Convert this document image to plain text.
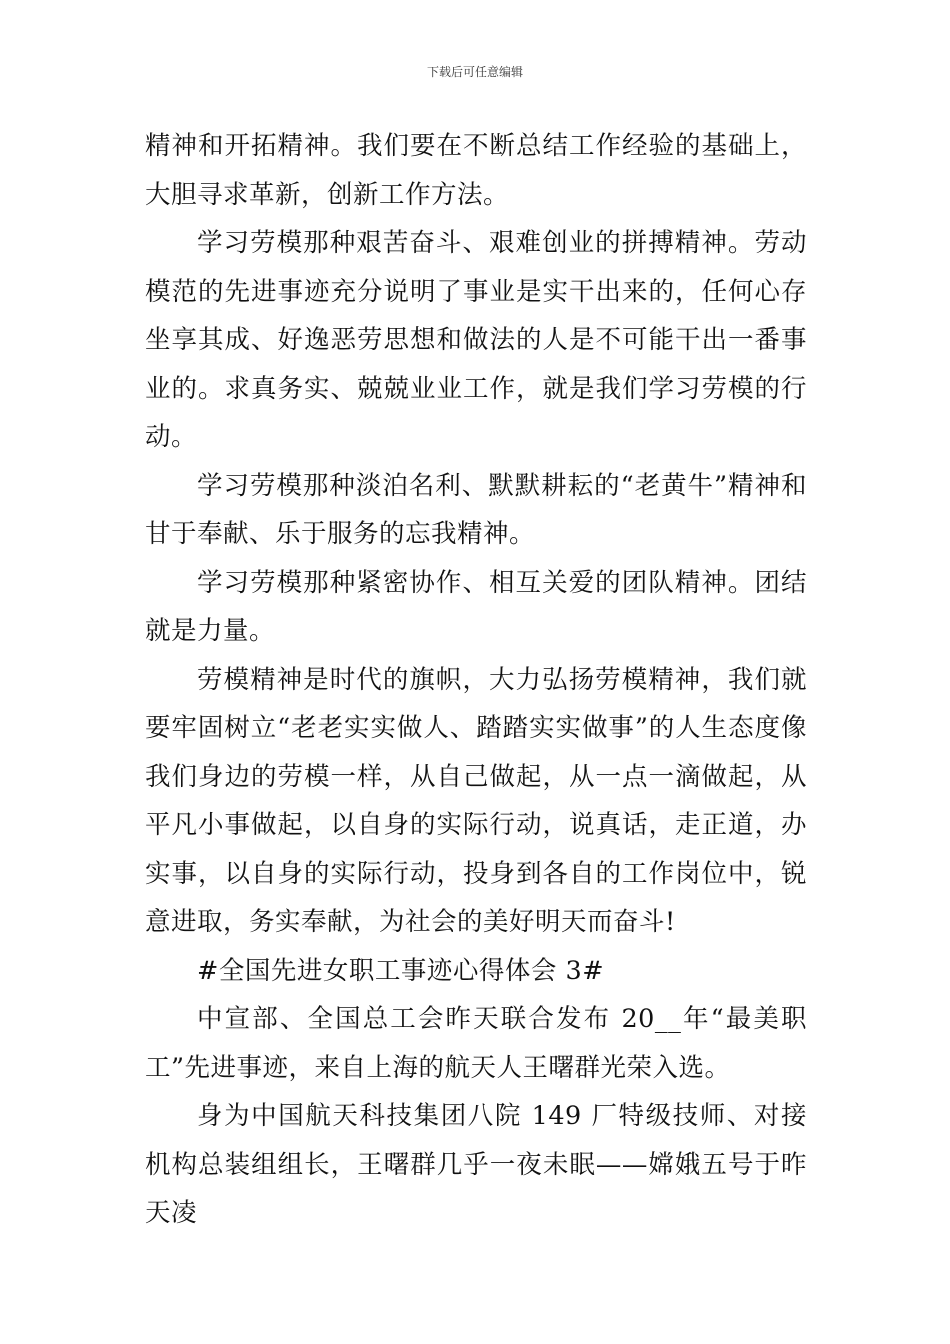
下载后可任意编辑

精神和开拓精神。我们要在不断总结工作经验的基础上，大胆寻求革新，创新工作方法。

学习劳模那种艰苦奋斗、艰难创业的拼搏精神。劳动模范的先进事迹充分说明了事业是实干出来的，任何心存坐享其成、好逸恶劳思想和做法的人是不可能干出一番事业的。求真务实、兢兢业业工作，就是我们学习劳模的行动。

学习劳模那种淡泊名利、默默耕耘的“老黄牛”精神和甘于奉献、乐于服务的忘我精神。

学习劳模那种紧密协作、相互关爱的团队精神。团结就是力量。

劳模精神是时代的旗帜，大力弘扬劳模精神，我们就要牢固树立“老老实实做人、踏踏实实做事”的人生态度像我们身边的劳模一样，从自己做起，从一点一滴做起，从平凡小事做起，以自身的实际行动，说真话，走正道，办实事，以自身的实际行动，投身到各自的工作岗位中，锐意进取，务实奉献，为社会的美好明天而奋斗!

#全国先进女职工事迹心得体会 3#

中宣部、全国总工会昨天联合发布 20__年“最美职工”先进事迹，来自上海的航天人王曙群光荣入选。

身为中国航天科技集团八院 149 厂特级技师、对接机构总装组组长，王曙群几乎一夜未眠——嫦娥五号于昨天凌
